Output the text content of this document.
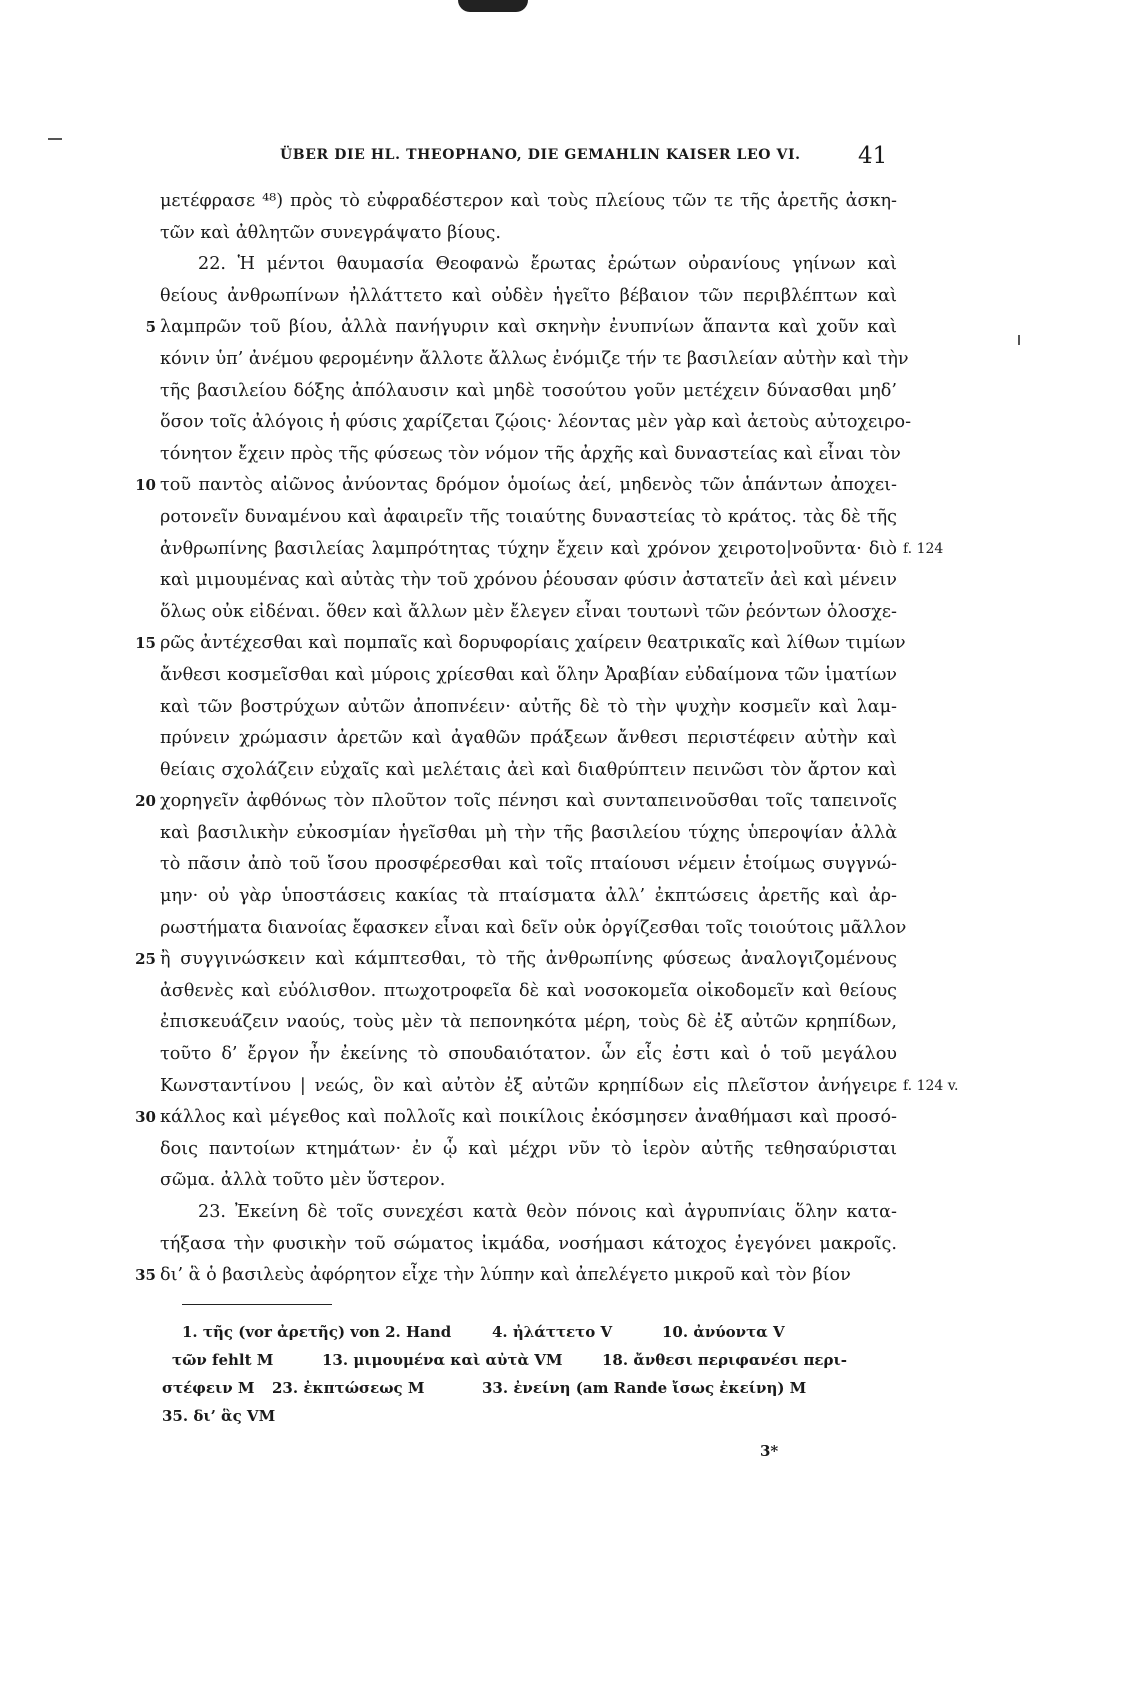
ÜBER DIE HL. THEOPHANO, DIE GEMAHLIN KAISER LEO VI. 41
μετέφρασε ⁴⁸) πρὸς τὸ εὐφραδέστερον καὶ τοὺς πλείους τῶν τε τῆς ἀρετῆς ἀσκη-
τῶν καὶ ἀθλητῶν συνεγράψατο βίους.
22. Ἡ μέντοι θαυμασία Θεοφανὼ ἔρωτας ἐρώτων οὐρανίους γηίνων καὶ
θείους ἀνθρωπίνων ἠλλάττετο καὶ οὐδὲν ἡγεῖτο βέβαιον τῶν περιβλέπτων καὶ
5 λαμπρῶν τοῦ βίου, ἀλλὰ πανήγυριν καὶ σκηνὴν ἐνυπνίων ἅπαντα καὶ χοῦν καὶ
κόνιν ὑπ’ ἀνέμου φερομένην ἄλλοτε ἄλλως ἐνόμιζε τήν τε βασιλείαν αὐτὴν καὶ τὴν
τῆς βασιλείου δόξης ἀπόλαυσιν καὶ μηδὲ τοσούτου γοῦν μετέχειν δύνασθαι μηδ’
ὅσον τοῖς ἀλόγοις ἡ φύσις χαρίζεται ζῴοις· λέοντας μὲν γὰρ καὶ ἀετοὺς αὐτοχειρο-
τόνητον ἔχειν πρὸς τῆς φύσεως τὸν νόμον τῆς ἀρχῆς καὶ δυναστείας καὶ εἶναι τὸν
10 τοῦ παντὸς αἰῶνος ἀνύοντας δρόμον ὁμοίως ἀεί, μηδενὸς τῶν ἁπάντων ἀποχει-
ροτονεῖν δυναμένου καὶ ἀφαιρεῖν τῆς τοιαύτης δυναστείας τὸ κράτος. τὰς δὲ τῆς
ἀνθρωπίνης βασιλείας λαμπρότητας τύχην ἔχειν καὶ χρόνον χειροτο|νοῦντα· διὸ f. 124
καὶ μιμουμένας καὶ αὐτὰς τὴν τοῦ χρόνου ῥέουσαν φύσιν ἀστατεῖν ἀεὶ καὶ μένειν
ὅλως οὐκ εἰδέναι. ὅθεν καὶ ἄλλων μὲν ἔλεγεν εἶναι τουτωνὶ τῶν ῥεόντων ὁλοσχε-
15 ρῶς ἀντέχεσθαι καὶ πομπαῖς καὶ δορυφορίαις χαίρειν θεατρικαῖς καὶ λίθων τιμίων
ἄνθεσι κοσμεῖσθαι καὶ μύροις χρίεσθαι καὶ ὅλην Ἀραβίαν εὐδαίμονα τῶν ἱματίων
καὶ τῶν βοστρύχων αὐτῶν ἀποπνέειν· αὐτῆς δὲ τὸ τὴν ψυχὴν κοσμεῖν καὶ λαμ-
πρύνειν χρώμασιν ἀρετῶν καὶ ἀγαθῶν πράξεων ἄνθεσι περιστέφειν αὐτὴν καὶ
θείαις σχολάζειν εὐχαῖς καὶ μελέταις ἀεὶ καὶ διαθρύπτειν πεινῶσι τὸν ἄρτον καὶ
20 χορηγεῖν ἀφθόνως τὸν πλοῦτον τοῖς πένησι καὶ συνταπεινοῦσθαι τοῖς ταπεινοῖς
καὶ βασιλικὴν εὐκοσμίαν ἡγεῖσθαι μὴ τὴν τῆς βασιλείου τύχης ὑπεροψίαν ἀλλὰ
τὸ πᾶσιν ἀπὸ τοῦ ἴσου προσφέρεσθαι καὶ τοῖς πταίουσι νέμειν ἑτοίμως συγγνώ-
μην· οὐ γὰρ ὑποστάσεις κακίας τὰ πταίσματα ἀλλ’ ἐκπτώσεις ἀρετῆς καὶ ἀρ-
ρωστήματα διανοίας ἔφασκεν εἶναι καὶ δεῖν οὐκ ὀργίζεσθαι τοῖς τοιούτοις μᾶλλον
25 ἢ συγγινώσκειν καὶ κάμπτεσθαι, τὸ τῆς ἀνθρωπίνης φύσεως ἀναλογιζομένους
ἀσθενὲς καὶ εὐόλισθον. πτωχοτροφεῖα δὲ καὶ νοσοκομεῖα οἰκοδομεῖν καὶ θείους
ἐπισκευάζειν ναούς, τοὺς μὲν τὰ πεπονηκότα μέρη, τοὺς δὲ ἐξ αὐτῶν κρηπίδων,
τοῦτο δ’ ἔργον ἦν ἐκείνης τὸ σπουδαιότατον. ὧν εἷς ἐστι καὶ ὁ τοῦ μεγάλου
Κωνσταντίνου | νεώς, ὃν καὶ αὐτὸν ἐξ αὐτῶν κρηπίδων εἰς πλεῖστον ἀνήγειρε f. 124 v.
30 κάλλος καὶ μέγεθος καὶ πολλοῖς καὶ ποικίλοις ἐκόσμησεν ἀναθήμασι καὶ προσό-
δοις παντοίων κτημάτων· ἐν ᾧ καὶ μέχρι νῦν τὸ ἱερὸν αὐτῆς τεθησαύρισται
σῶμα. ἀλλὰ τοῦτο μὲν ὕστερον.
23. Ἐκείνη δὲ τοῖς συνεχέσι κατὰ θεὸν πόνοις καὶ ἀγρυπνίαις ὅλην κατα-
τήξασα τὴν φυσικὴν τοῦ σώματος ἰκμάδα, νοσήμασι κάτοχος ἐγεγόνει μακροῖς.
35 δι’ ἃ ὁ βασιλεὺς ἀφόρητον εἶχε τὴν λύπην καὶ ἀπελέγετο μικροῦ καὶ τὸν βίον
1. τῆς (vor ἀρετῆς) von 2. Hand	4. ἠλάττετο V	10. ἀνύοντα V
τῶν fehlt M	13. μιμουμένα καὶ αὐτὰ VM	18. ἄνθεσι περιφανέσι περι-
στέφειν M 23. ἐκπτώσεως M	33. ἐνείνη (am Rande ἴσως ἐκείνη) M
35. δι’ ἃς VM
3*
